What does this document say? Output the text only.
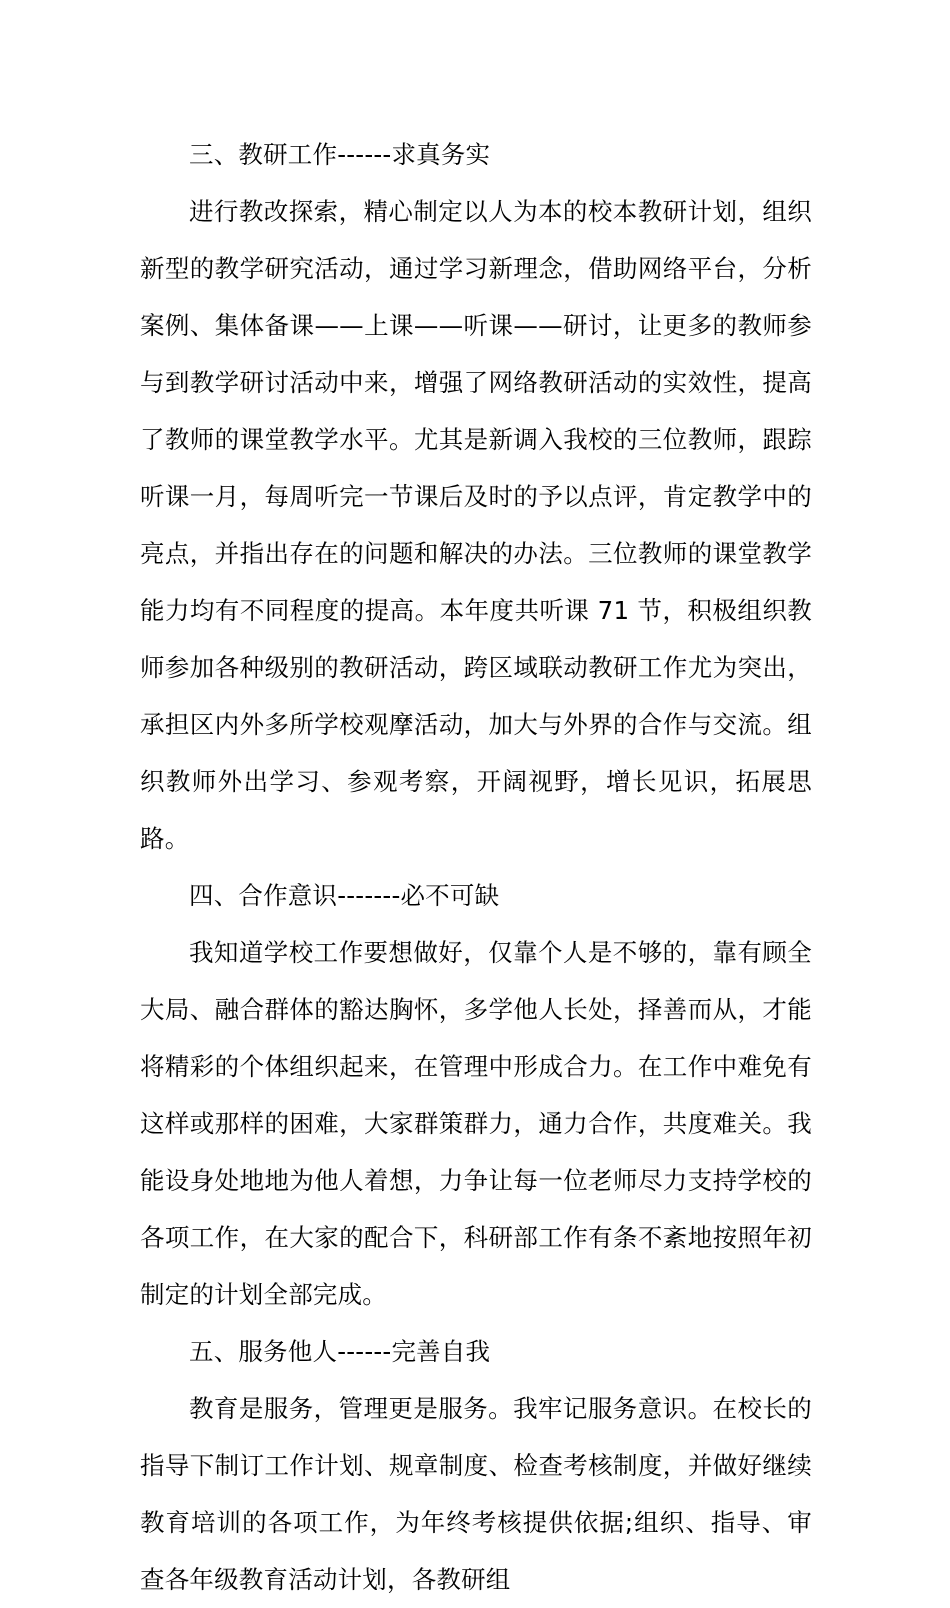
三、教研工作------求真务实

进行教改探索，精心制定以人为本的校本教研计划，组织新型的教学研究活动，通过学习新理念，借助网络平台，分析案例、集体备课——上课——听课——研讨，让更多的教师参与到教学研讨活动中来，增强了网络教研活动的实效性，提高了教师的课堂教学水平。尤其是新调入我校的三位教师，跟踪听课一月，每周听完一节课后及时的予以点评，肯定教学中的亮点，并指出存在的问题和解决的办法。三位教师的课堂教学能力均有不同程度的提高。本年度共听课 71 节，积极组织教师参加各种级别的教研活动，跨区域联动教研工作尤为突出，承担区内外多所学校观摩活动，加大与外界的合作与交流。组织教师外出学习、参观考察，开阔视野，增长见识，拓展思路。

四、合作意识-------必不可缺

我知道学校工作要想做好，仅靠个人是不够的，靠有顾全大局、融合群体的豁达胸怀，多学他人长处，择善而从，才能将精彩的个体组织起来，在管理中形成合力。在工作中难免有这样或那样的困难，大家群策群力，通力合作，共度难关。我能设身处地地为他人着想，力争让每一位老师尽力支持学校的各项工作，在大家的配合下，科研部工作有条不紊地按照年初制定的计划全部完成。

五、服务他人------完善自我

教育是服务，管理更是服务。我牢记服务意识。在校长的指导下制订工作计划、规章制度、检查考核制度，并做好继续教育培训的各项工作，为年终考核提供依据;组织、指导、审查各年级教育活动计划，各教研组
